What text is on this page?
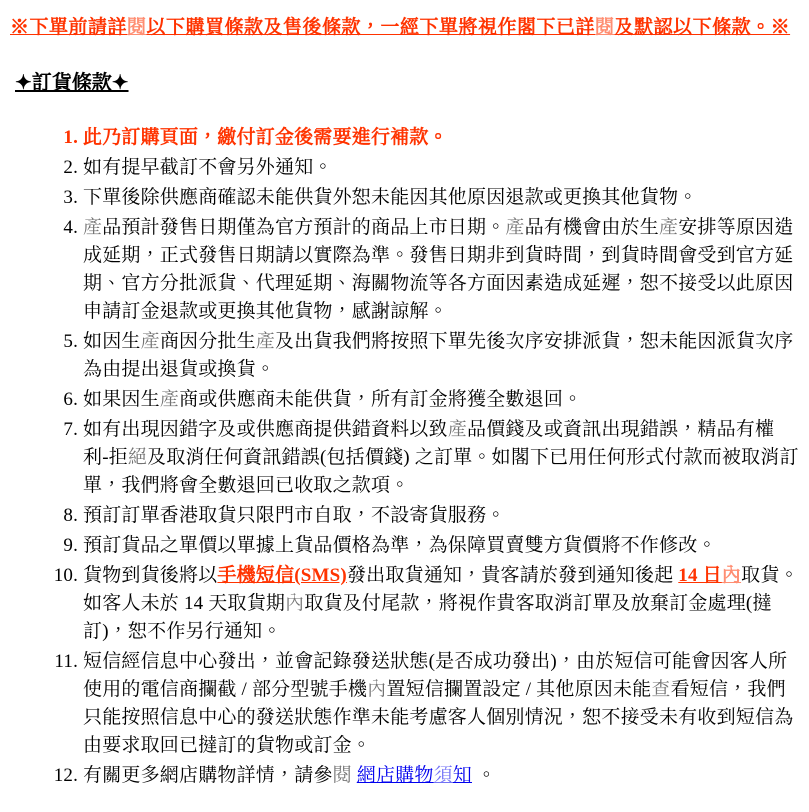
※下單前請詳閱以下購買條款及售後條款，一經下單將視作閣下已詳閱及默認以下條款。※

✦訂貨條款✦

1. 此乃訂購頁面，繳付訂金後需要進行補款。
2. 如有提早截訂不會另外通知。
3. 下單後除供應商確認未能供貨外恕未能因其他原因退款或更換其他貨物。
4. 產品預計發售日期僅為官方預計的商品上市日期。產品有機會由於生產安排等原因造成延期，正式發售日期請以實際為準。發售日期非到貨時間，到貨時間會受到官方延期、官方分批派貨、代理延期、海關物流等各方面因素造成延遲，恕不接受以此原因申請訂金退款或更換其他貨物，感謝諒解。
5. 如因生產商因分批生產及出貨我們將按照下單先後次序安排派貨，恕未能因派貨次序為由提出退貨或換貨。
6. 如果因生產商或供應商未能供貨，所有訂金將獲全數退回。
7. 如有出現因錯字及或供應商提供錯資料以致產品價錢及或資訊出現錯誤，精品有權利-拒絕及取消任何資訊錯誤(包括價錢) 之訂單。如閣下已用任何形式付款而被取消訂單，我們將會全數退回已收取之款項。
8. 預訂訂單香港取貨只限門市自取，不設寄貨服務。
9. 預訂貨品之單價以單據上貨品價格為準，為保障買賣雙方貨價將不作修改。
10. 貨物到貨後將以手機短信(SMS)發出取貨通知，貴客請於發到通知後起 14 日內取貨。如客人未於 14 天取貨期內取貨及付尾款，將視作貴客取消訂單及放棄訂金處理(撻訂)，恕不作另行通知。
11. 短信經信息中心發出，並會記錄發送狀態(是否成功發出)，由於短信可能會因客人所使用的電信商攔截 / 部分型號手機內置短信攔置設定 / 其他原因未能查看短信，我們只能按照信息中心的發送狀態作準未能考慮客人個別情況，恕不接受未有收到短信為由要求取回已撻訂的貨物或訂金。
12. 有關更多網店購物詳情，請參閱 網店購物須知 。
